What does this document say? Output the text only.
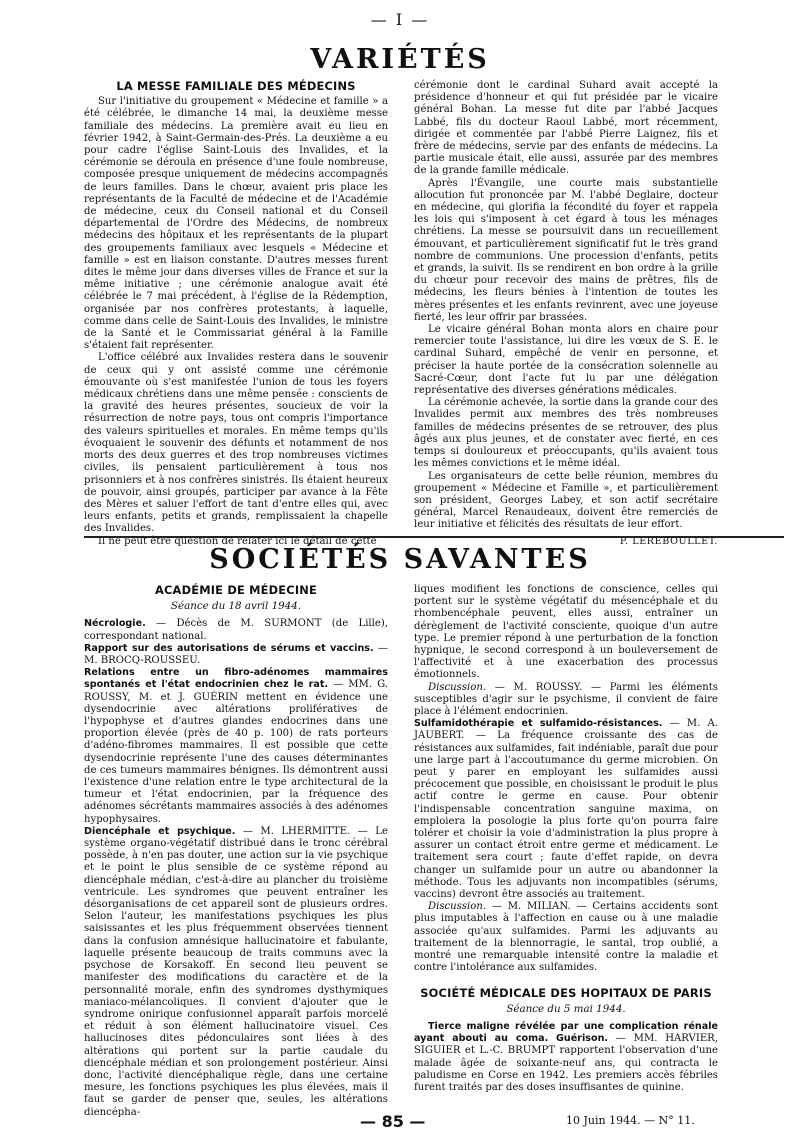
— I —
VARIÉTÉS
LA MESSE FAMILIALE DES MÉDECINS

Sur l'initiative du groupement « Médecine et famille » a été célébrée, le dimanche 14 mai, la deuxième messe familiale des médecins. La première avait eu lieu en février 1942, à Saint-Germain-des-Prés. La deuxième a eu pour cadre l'église Saint-Louis des Invalides, et la cérémonie se déroula en présence d'une foule nombreuse, composée presque uniquement de médecins accompagnés de leurs familles. Dans le chœur, avaient pris place les représentants de la Faculté de médecine et de l'Académie de médecine, ceux du Conseil national et du Conseil départemental de l'Ordre des Médecins, de nombreux médecins des hôpitaux et les représentants de la plupart des groupements familiaux avec lesquels « Médecine et famille » est en liaison constante. D'autres messes furent dites le même jour dans diverses villes de France et sur la même initiative ; une cérémonie analogue avait été célébrée le 7 mai précédent, à l'église de la Rédemption, organisée par nos confrères protestants, à laquelle, comme dans celle de Saint-Louis des Invalides, le ministre de la Santé et le Commissariat général à la Famille s'étaient fait représenter.

L'office célébré aux Invalides restera dans le souvenir de ceux qui y ont assisté comme une cérémonie émouvante où s'est manifestée l'union de tous les foyers médicaux chrétiens dans une même pensée : conscients de la gravité des heures présentes, soucieux de voir la résurrection de notre pays, tous ont compris l'importance des valeurs spirituelles et morales. En même temps qu'ils évoquaient le souvenir des défunts et notamment de nos morts des deux guerres et des trop nombreuses victimes civiles, ils pensaient particulièrement à tous nos prisonniers et à nos confrères sinistrés. Ils étaient heureux de pouvoir, ainsi groupés, participer par avance à la Fête des Mères et saluer l'effort de tant d'entre elles qui, avec leurs enfants, petits et grands, remplissaient la chapelle des Invalides.

Il ne peut être question de relater ici le détail de cette

cérémonie dont le cardinal Suhard avait accepté la présidence d'honneur et qui fut présidée par le vicaire général Bohan. La messe fut dite par l'abbé Jacques Labbé, fils du docteur Raoul Labbé, mort récemment, dirigée et commentée par l'abbé Pierre Laignez, fils et frère de médecins, servie par des enfants de médecins. La partie musicale était, elle aussi, assurée par des membres de la grande famille médicale.

Après l'Évangile, une courte mais substantielle allocution fut prononcée par M. l'abbé Deglaire, docteur en médecine, qui glorifia la fécondité du foyer et rappela les lois qui s'imposent à cet égard à tous les ménages chrétiens. La messe se poursuivit dans un recueillement émouvant, et particulièrement significatif fut le très grand nombre de communions. Une procession d'enfants, petits et grands, la suivit. Ils se rendirent en bon ordre à la grille du chœur pour recevoir des mains de prêtres, fils de médecins, les fleurs bénies à l'intention de toutes les mères présentes et les enfants revinrent, avec une joyeuse fierté, les leur offrir par brassées.

Le vicaire général Bohan monta alors en chaire pour remercier toute l'assistance, lui dire les vœux de S. E. le cardinal Suhard, empêché de venir en personne, et préciser la haute portée de la consécration solennelle au Sacré-Cœur, dont l'acte fut lu par une délégation représentative des diverses générations médicales.

La cérémonie achevée, la sortie dans la grande cour des Invalides permit aux membres des très nombreuses familles de médecins présentes de se retrouver, des plus âgés aux plus jeunes, et de constater avec fierté, en ces temps si douloureux et préoccupants, qu'ils avaient tous les mêmes convictions et le même idéal.

Les organisateurs de cette belle réunion, membres du groupement « Médecine et Famille », et particulièrement son président, Georges Labey, et son actif secrétaire général, Marcel Renaudeaux, doivent être remerciés de leur initiative et félicités des résultats de leur effort.

P. LEREBOULLET.
SOCIÉTÉS SAVANTES
ACADÉMIE DE MÉDECINE
Séance du 18 avril 1944.

Nécrologie. — Décès de M. SURMONT (de Lille), correspondant national.

Rapport sur des autorisations de sérums et vaccins. — M. BROCQ-ROUSSEU.

Relations entre un fibro-adénomes mammaires spontanés et l'état endocrinien chez le rat. — MM. G. ROUSSY, M. et J. GUÉRIN mettent en évidence une dysendocrinie avec altérations prolifératives de l'hypophyse et d'autres glandes endocrines dans une proportion élevée (près de 40 p. 100) de rats porteurs d'adéno-fibromes mammaires. Il est possible que cette dysendocrinie représente l'une des causes déterminantes de ces tumeurs mammaires bénignes. Ils démontrent aussi l'existence d'une relation entre le type architectural de la tumeur et l'état endocrinien, par la fréquence des adénomes sécrétants mammaires associés à des adénomes hypophysaires.

Diencéphale et psychique. — M. LHERMITTE. — Le système organo-végétatif distribué dans le tronc cérébral possède, à n'en pas douter, une action sur la vie psychique et le point le plus sensible de ce système répond au diencéphale médian, c'est-à-dire au plancher du troisième ventricule. Les syndromes que peuvent entraîner les désorganisations de cet appareil sont de plusieurs ordres. Selon l'auteur, les manifestations psychiques les plus saisissantes et les plus fréquemment observées tiennent dans la confusion amnésique hallucinatoire et fabulante, laquelle présente beaucoup de traits communs avec la psychose de Korsakoff. En second lieu peuvent se manifester des modifications du caractère et de la personnalité morale, enfin des syndromes dysthymiques maniaco-mélancoliques. Il convient d'ajouter que le syndrome onirique confusionnel apparaît parfois morcelé et réduit à son élément hallucinatoire visuel. Ces hallucinoses dites pédonculaires sont liées à des altérations qui portent sur la partie caudale du diencéphale médian et son prolongement postérieur. Ainsi donc, l'activité diencéphalique règle, dans une certaine mesure, les fonctions psychiques les plus élevées, mais il faut se garder de penser que, seules, les altérations diencépha-

liques modifient les fonctions de conscience, celles qui portent sur le système végétatif du mésencéphale et du rhombencéphale peuvent, elles aussi, entraîner un dérèglement de l'activité consciente, quoique d'un autre type. Le premier répond à une perturbation de la fonction hypnique, le second correspond à un bouleversement de l'affectivité et à une exacerbation des processus émotionnels.

Discussion. — M. ROUSSY. — Parmi les éléments susceptibles d'agir sur le psychisme, il convient de faire place à l'élément endocrinien.

Sulfamidothérapie et sulfamido-résistances. — M. A. JAUBERT. — La fréquence croissante des cas de résistances aux sulfamides, fait indéniable, paraît due pour une large part à l'accoutumance du germe microbien. On peut y parer en employant les sulfamides aussi précocement que possible, en choisissant le produit le plus actif contre le germe en cause. Pour obtenir l'indispensable concentration sanguine maxima, on emploiera la posologie la plus forte qu'on pourra faire tolérer et choisir la voie d'administration la plus propre à assurer un contact étroit entre germe et médicament. Le traitement sera court ; faute d'effet rapide, on devra changer un sulfamide pour un autre ou abandonner la méthode. Tous les adjuvants non incompatibles (sérums, vaccins) devront être associés au traitement.

Discussion. — M. MILIAN. — Certains accidents sont plus imputables à l'affection en cause ou à une maladie associée qu'aux sulfamides. Parmi les adjuvants au traitement de la blennorragie, le santal, trop oublié, a montré une remarquable intensité contre la maladie et contre l'intolérance aux sulfamides.

SOCIÉTÉ MÉDICALE DES HOPITAUX DE PARIS
Séance du 5 mai 1944.

Tierce maligne révélée par une complication rénale ayant abouti au coma. Guérison. — MM. HARVIER, SIGUIER et L.-C. BRUMPT rapportent l'observation d'une malade âgée de soixante-neuf ans, qui contracta le paludisme en Corse en 1942. Les premiers accès fébriles furent traités par des doses insuffisantes de quinine.

— 85 —	10 Juin 1944. — N° 11.
